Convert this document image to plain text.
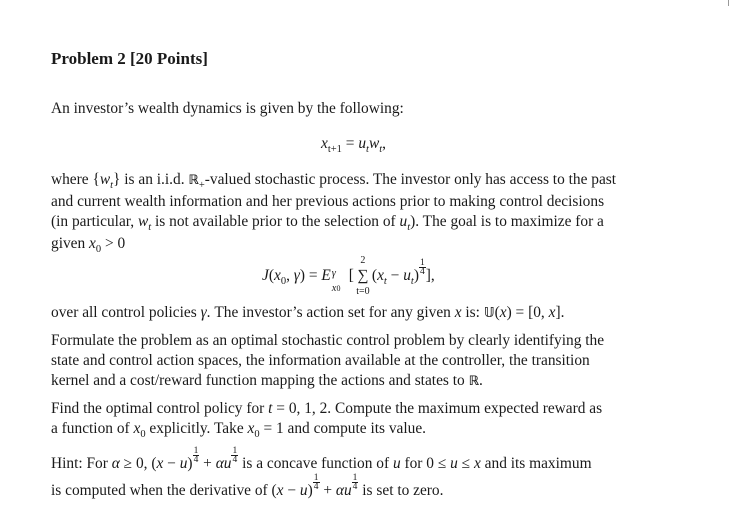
Problem 2 [20 Points]
An investor’s wealth dynamics is given by the following:
$x_{t+1} = u_tw_t$,
where $\{w_t\}$ is an i.i.d. ℝ$_+$-valued stochastic process. The investor only has access to the past
and current wealth information and her previous actions prior to making control decisions
(in particular, $w_t$ is not available prior to the selection of $u_t$). The goal is to maximize for a
given $x_0 > 0$
$J(x_0$, γ) = E γ
x0
[
2
∑
t=0
$(x_t - u_t) \frac{1}{4}$ ],
over all control policies γ. The investor’s action set for any given x is: 𝕌(x) = [0, x].
Formulate the problem as an optimal stochastic control problem by clearly identifying the
state and control action spaces, the information available at the controller, the transition
kernel and a cost/reward function mapping the actions and states to ℝ.
Find the optimal control policy for t = 0, 1, 2. Compute the maximum expected reward as
a function of $x_0$ explicitly. Take $x_0 = 1$ and compute its value.
Hint: For α ≥ 0, $(x - u) \frac{1}{4} + \alpha u \frac{1}{4}$ is a concave function of u for 0 ≤ u ≤ x and its maximum
is computed when the derivative of $(x - u) \frac{1}{4} + \alpha u \frac{1}{4}$ is set to zero.
